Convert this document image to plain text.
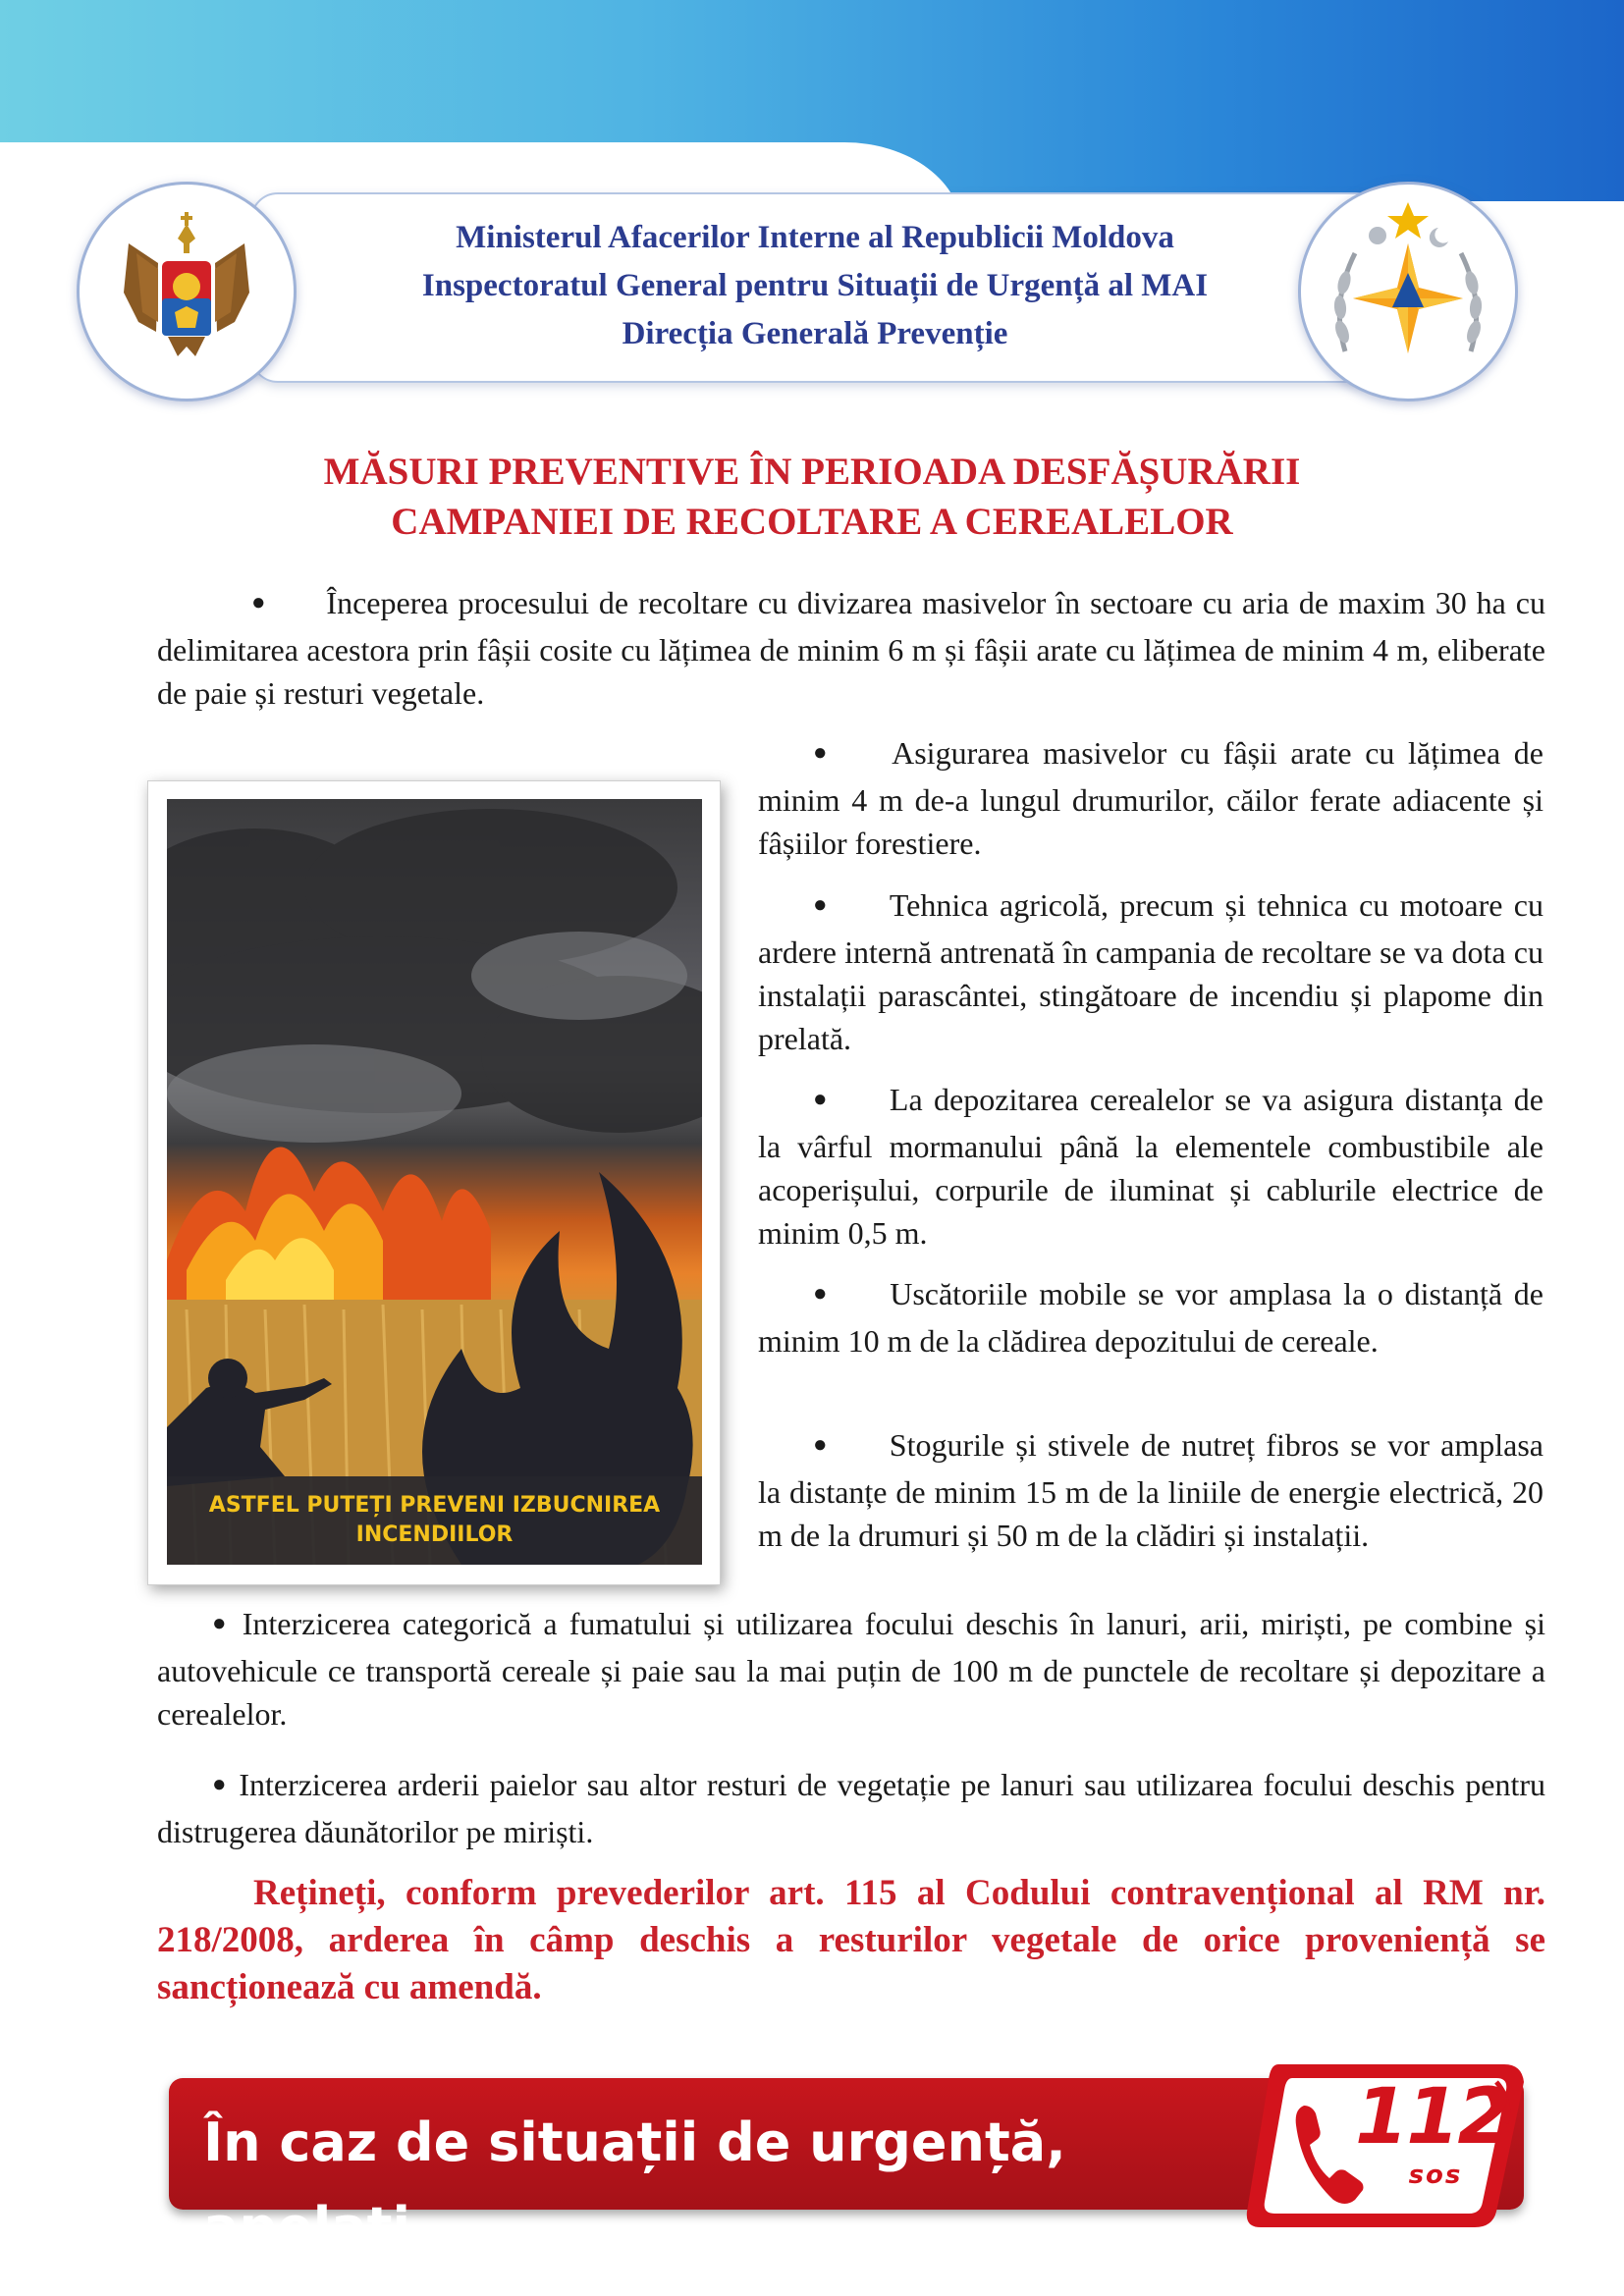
Ministerul Afacerilor Interne al Republicii Moldova
Inspectoratul General pentru Situații de Urgență al MAI
Direcția Generală Prevenție
MĂSURI PREVENTIVE ÎN PERIOADA DESFĂȘURĂRII
CAMPANIEI DE RECOLTARE A CEREALELOR
● Începerea procesului de recoltare cu divizarea masivelor în sectoare cu aria de maxim 30 ha cu delimitarea acestora prin fâșii cosite cu lățimea de minim 6 m și fâșii arate cu lățimea de minim 4 m, eliberate de paie și resturi vegetale.
ASTFEL PUTEȚI PREVENI IZBUCNIREA
INCENDIILOR
● Asigurarea masivelor cu fâșii arate cu lățimea de minim 4 m de-a lungul drumurilor, căilor ferate adiacente și fâșiilor forestiere.
● Tehnica agricolă, precum și tehnica cu motoare cu ardere internă antrenată în campania de recoltare se va dota cu instalații parascântei, stingătoare de incendiu și plapome din prelată.
● La depozitarea cerealelor se va asigura distanța de la vârful mormanului până la elementele combustibile ale acoperișului, corpurile de iluminat și cablurile electrice de minim 0,5 m.
● Uscătoriile mobile se vor amplasa la o distanță de minim 10 m de la clădirea depozitului de cereale.
● Stogurile și stivele de nutreț fibros se vor amplasa la distanțe de minim 15 m de la liniile de energie electrică, 20 m de la drumuri și 50 m de la clădiri și instalații.
● Interzicerea categorică a fumatului și utilizarea focului deschis în lanuri, arii, miriști, pe combine și autovehicule ce transportă cereale și paie sau la mai puțin de 100 m de punctele de recoltare și depozitare a cerealelor.
● Interzicerea arderii paielor sau altor resturi de vegetație pe lanuri sau utilizarea focului deschis pentru distrugerea dăunătorilor pe miriști.
Rețineți, conform prevederilor art. 115 al Codului contravențional al RM nr. 218/2008, arderea în câmp deschis a resturilor vegetale de orice proveniență se sancționează cu amendă.
În caz de situații de urgență, apelați
112
sos
